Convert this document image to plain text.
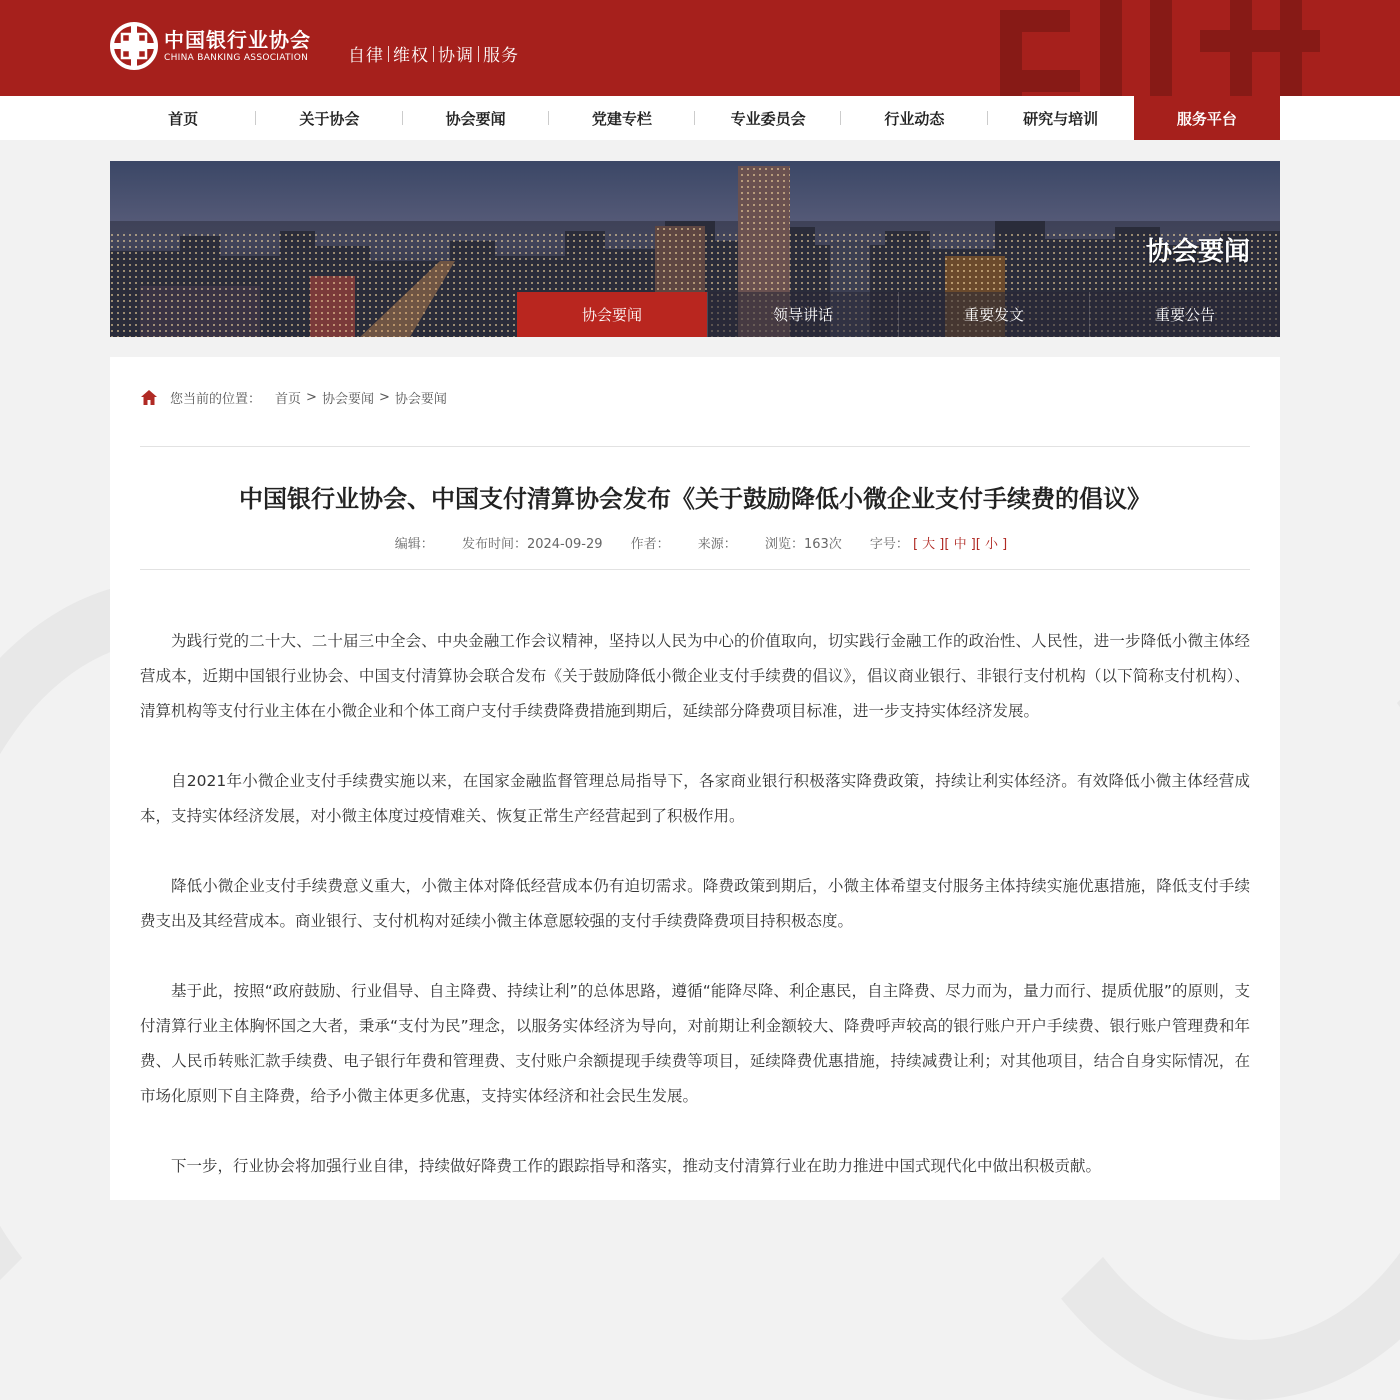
中国银行业协会
CHINA BANKING ASSOCIATION 自律 维权 协调 服务
首页	关于协会	协会要闻	党建专栏	专业委员会	行业动态	研究与培训	服务平台
协会要闻
协会要闻	领导讲话	重要发文	重要公告
您当前的位置： 首页 > 协会要闻 > 协会要闻
中国银行业协会、中国支付清算协会发布《关于鼓励降低小微企业支付手续费的倡议》
编辑： 发布时间：2024-09-29 作者： 来源： 浏览：163次 字号： [ 大 ][ 中 ][ 小 ]

为践行党的二十大、二十届三中全会、中央金融工作会议精神，坚持以人民为中心的价值取向，切实践行金融工作的政治性、人民性，进一步降低小微主体经营成本，近期中国银行业协会、中国支付清算协会联合发布《关于鼓励降低小微企业支付手续费的倡议》，倡议商业银行、非银行支付机构（以下简称支付机构）、清算机构等支付行业主体在小微企业和个体工商户支付手续费降费措施到期后，延续部分降费项目标准，进一步支持实体经济发展。

自2021年小微企业支付手续费实施以来，在国家金融监督管理总局指导下，各家商业银行积极落实降费政策，持续让利实体经济。有效降低小微主体经营成本，支持实体经济发展，对小微主体度过疫情难关、恢复正常生产经营起到了积极作用。

降低小微企业支付手续费意义重大，小微主体对降低经营成本仍有迫切需求。降费政策到期后，小微主体希望支付服务主体持续实施优惠措施，降低支付手续费支出及其经营成本。商业银行、支付机构对延续小微主体意愿较强的支付手续费降费项目持积极态度。

基于此，按照“政府鼓励、行业倡导、自主降费、持续让利”的总体思路，遵循“能降尽降、利企惠民，自主降费、尽力而为，量力而行、提质优服”的原则，支付清算行业主体胸怀国之大者，秉承“支付为民”理念，以服务实体经济为导向，对前期让利金额较大、降费呼声较高的银行账户开户手续费、银行账户管理费和年费、人民币转账汇款手续费、电子银行年费和管理费、支付账户余额提现手续费等项目，延续降费优惠措施，持续减费让利；对其他项目，结合自身实际情况，在市场化原则下自主降费，给予小微主体更多优惠，支持实体经济和社会民生发展。

下一步，行业协会将加强行业自律，持续做好降费工作的跟踪指导和落实，推动支付清算行业在助力推进中国式现代化中做出积极贡献。
